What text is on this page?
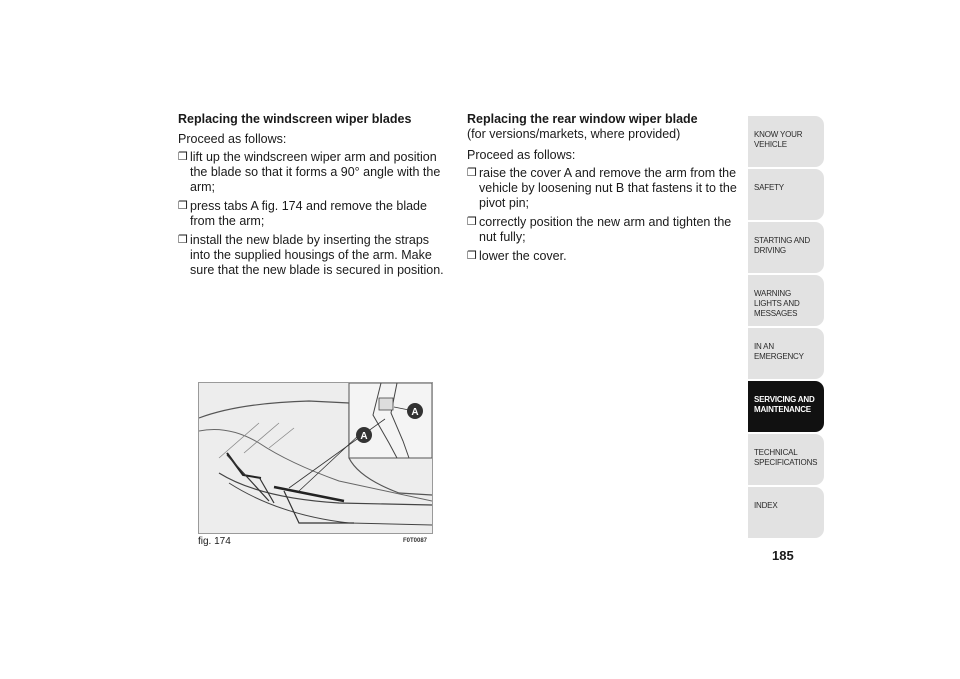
Replacing the windscreen wiper blades

Proceed as follows:

❒ lift up the windscreen wiper arm and position the blade so that it forms a 90° angle with the arm;
❒ press tabs A fig. 174 and remove the blade from the arm;
❒ install the new blade by inserting the straps into the supplied housings of the arm. Make sure that the new blade is secured in position.

Replacing the rear window wiper blade

(for versions/markets, where provided)

Proceed as follows:

❒ raise the cover A and remove the arm from the vehicle by loosening nut B that fastens it to the pivot pin;
❒ correctly position the new arm and tighten the nut fully;
❒ lower the cover.
A
A
fig. 174	F0T0087
KNOW YOUR VEHICLE
SAFETY
STARTING AND DRIVING
WARNING LIGHTS AND MESSAGES
IN AN EMERGENCY
SERVICING AND MAINTENANCE
TECHNICAL SPECIFICATIONS
INDEX
185
